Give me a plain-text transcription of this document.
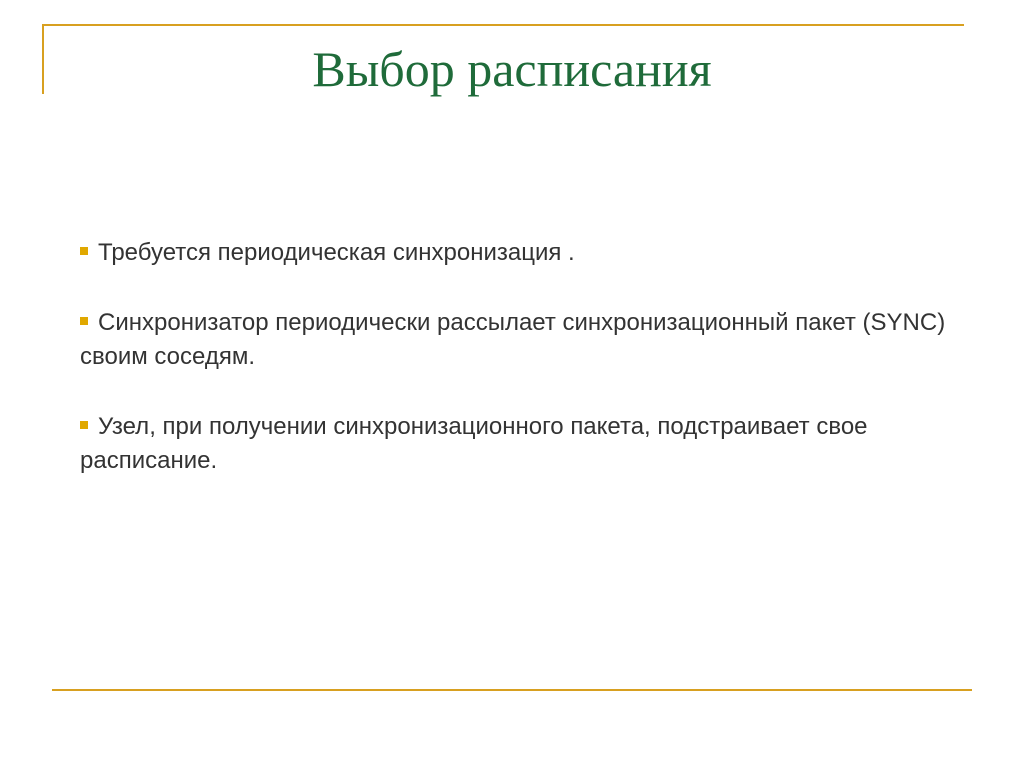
Выбор расписания
Требуется периодическая синхронизация .
Синхронизатор периодически рассылает синхронизационный пакет (SYNC) своим соседям.
Узел, при получении синхронизационного пакета, подстраивает свое расписание.
